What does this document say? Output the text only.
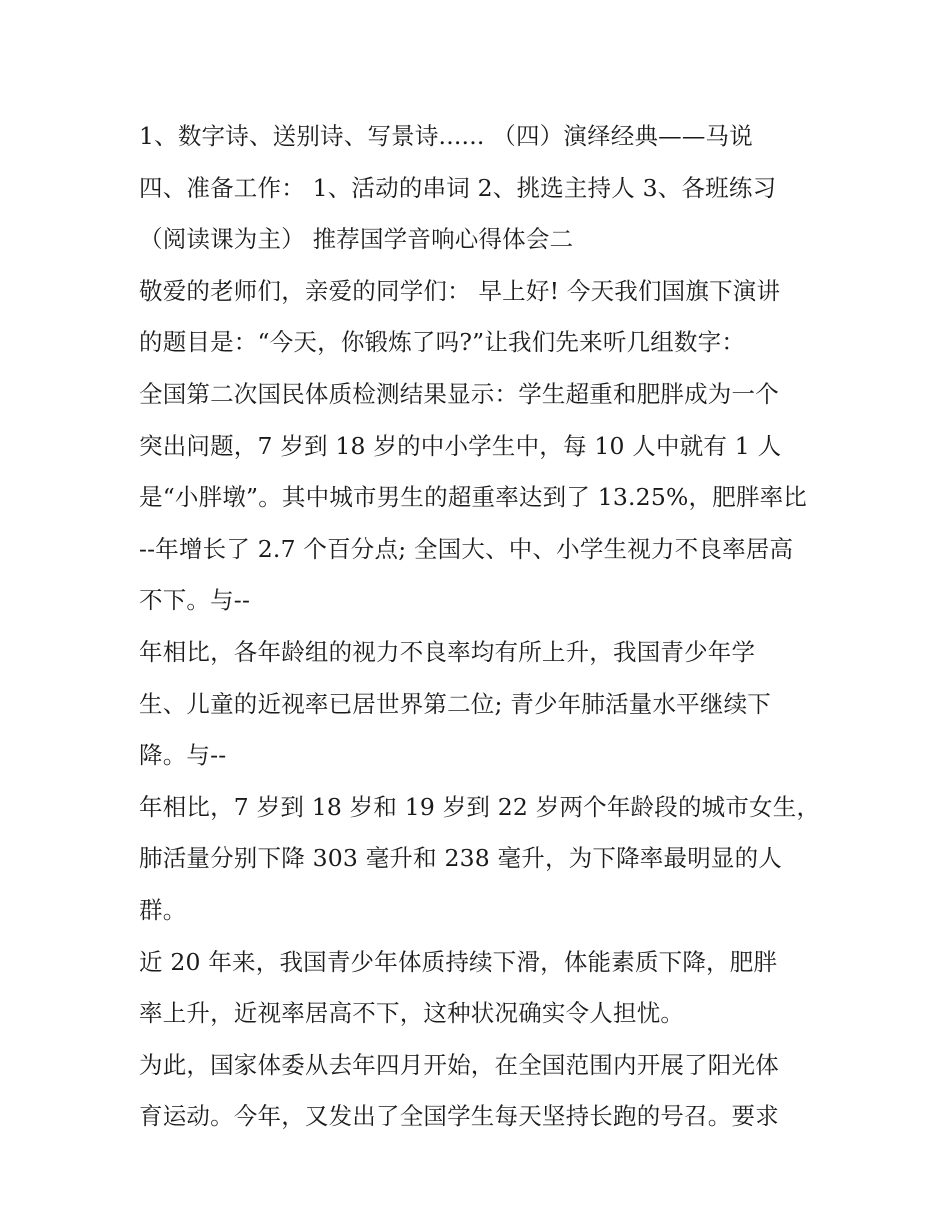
1、数字诗、送别诗、写景诗...... （四）演绎经典——马说
四、准备工作： 1、活动的串词 2、挑选主持人 3、各班练习
（阅读课为主） 推荐国学音响心得体会二
敬爱的老师们，亲爱的同学们： 早上好! 今天我们国旗下演讲
的题目是：“今天，你锻炼了吗?”让我们先来听几组数字：
全国第二次国民体质检测结果显示：学生超重和肥胖成为一个
突出问题，7 岁到 18 岁的中小学生中，每 10 人中就有 1 人
是“小胖墩”。其中城市男生的超重率达到了 13.25%，肥胖率比
--年增长了 2.7 个百分点; 全国大、中、小学生视力不良率居高
不下。与--
年相比，各年龄组的视力不良率均有所上升，我国青少年学
生、儿童的近视率已居世界第二位; 青少年肺活量水平继续下
降。与--
年相比，7 岁到 18 岁和 19 岁到 22 岁两个年龄段的城市女生，
肺活量分别下降 303 毫升和 238 毫升，为下降率最明显的人
群。
近 20 年来，我国青少年体质持续下滑，体能素质下降，肥胖
率上升，近视率居高不下，这种状况确实令人担忧。
为此，国家体委从去年四月开始，在全国范围内开展了阳光体
育运动。今年，又发出了全国学生每天坚持长跑的号召。要求
